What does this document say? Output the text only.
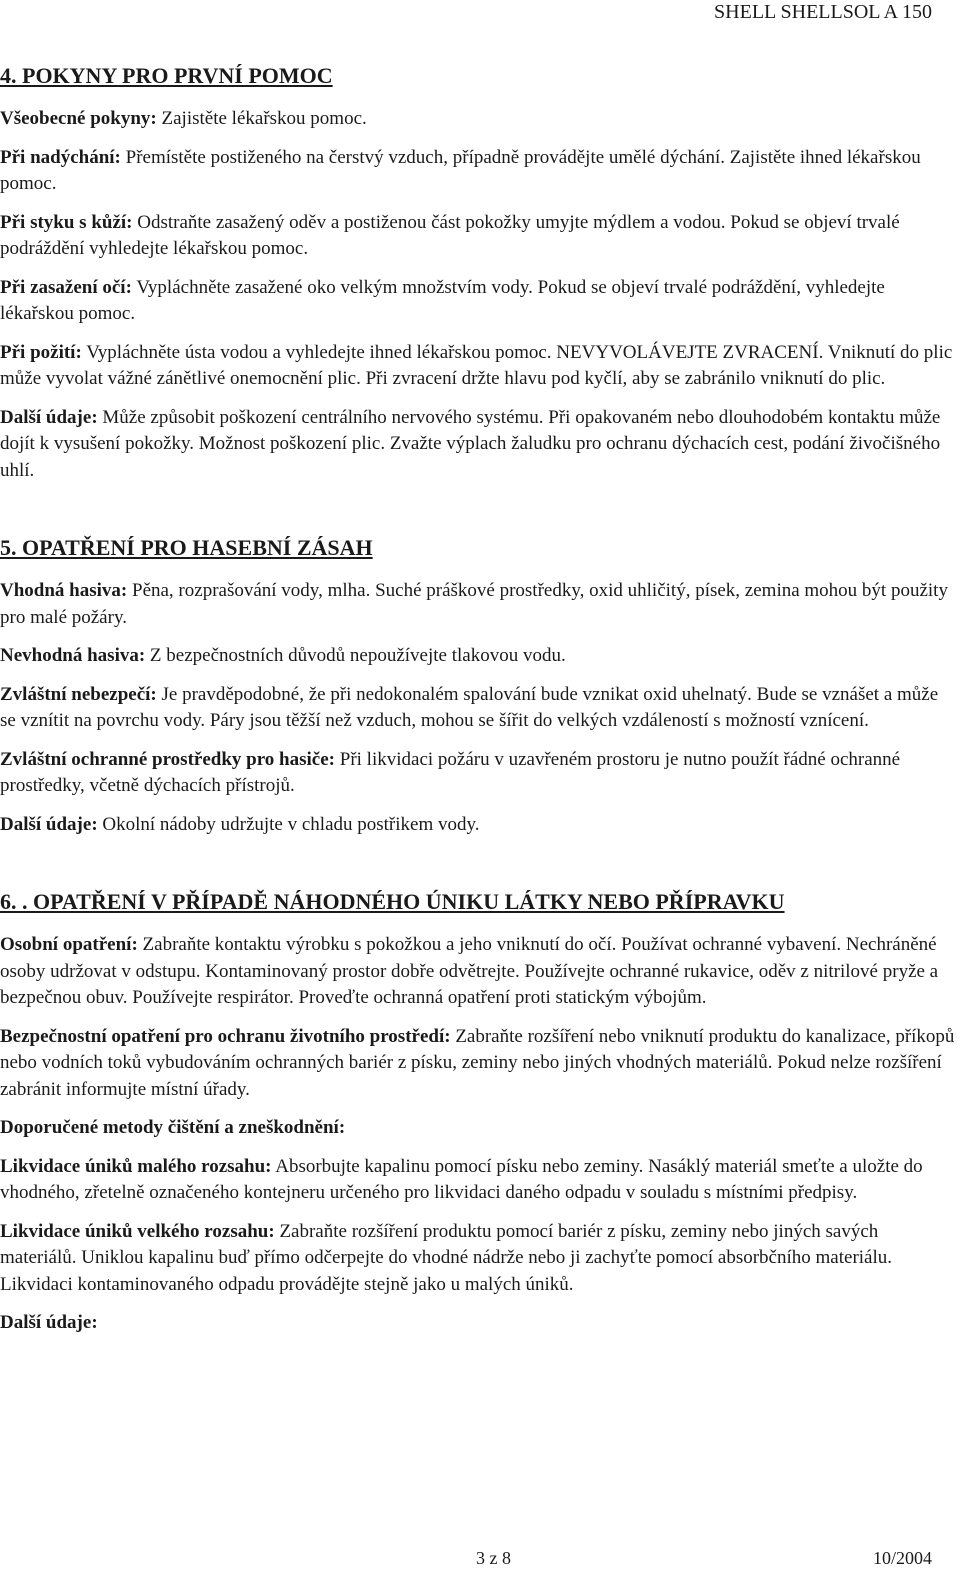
SHELL SHELLSOL A 150
4. POKYNY PRO PRVNÍ POMOC

Všeobecné pokyny: Zajistěte lékařskou pomoc.

Při nadýchání: Přemístěte postiženého na čerstvý vzduch, případně provádějte umělé dýchání. Zajistěte ihned lékařskou pomoc.

Při styku s kůží: Odstraňte zasažený oděv a postiženou část pokožky umyjte mýdlem a vodou. Pokud se objeví trvalé podráždění vyhledejte lékařskou pomoc.

Při zasažení očí: Vypláchněte zasažené oko velkým množstvím vody. Pokud se objeví trvalé podráždění, vyhledejte lékařskou pomoc.

Při požití: Vypláchněte ústa vodou a vyhledejte ihned lékařskou pomoc. NEVYVOLÁVEJTE ZVRACENÍ. Vniknutí do plic může vyvolat vážné zánětlivé onemocnění plic. Při zvracení držte hlavu pod kyčlí, aby se zabránilo vniknutí do plic.

Další údaje: Může způsobit poškození centrálního nervového systému. Při opakovaném nebo dlouhodobém kontaktu může dojít k vysušení pokožky. Možnost poškození plic. Zvažte výplach žaludku pro ochranu dýchacích cest, podání živočišného uhlí.

5. OPATŘENÍ PRO HASEBNÍ ZÁSAH

Vhodná hasiva: Pěna, rozprašování vody, mlha. Suché práškové prostředky, oxid uhličitý, písek, zemina mohou být použity pro malé požáry.

Nevhodná hasiva: Z bezpečnostních důvodů nepoužívejte tlakovou vodu.

Zvláštní nebezpečí: Je pravděpodobné, že při nedokonalém spalování bude vznikat oxid uhelnatý. Bude se vznášet a může se vznítit na povrchu vody. Páry jsou těžší než vzduch, mohou se šířit do velkých vzdáleností s možností vznícení.

Zvláštní ochranné prostředky pro hasiče: Při likvidaci požáru v uzavřeném prostoru je nutno použít řádné ochranné prostředky, včetně dýchacích přístrojů.

Další údaje: Okolní nádoby udržujte v chladu postřikem vody.

6. . OPATŘENÍ V PŘÍPADĚ NÁHODNÉHO ÚNIKU LÁTKY NEBO PŘÍPRAVKU

Osobní opatření: Zabraňte kontaktu výrobku s pokožkou a jeho vniknutí do očí. Používat ochranné vybavení. Nechráněné osoby udržovat v odstupu. Kontaminovaný prostor dobře odvětrejte. Používejte ochranné rukavice, oděv z nitrilové pryže a bezpečnou obuv. Používejte respirátor. Proveďte ochranná opatření proti statickým výbojům.

Bezpečnostní opatření pro ochranu životního prostředí: Zabraňte rozšíření nebo vniknutí produktu do kanalizace, příkopů nebo vodních toků vybudováním ochranných bariér z písku, zeminy nebo jiných vhodných materiálů. Pokud nelze rozšíření zabránit informujte místní úřady.

Doporučené metody čištění a zneškodnění:

Likvidace úniků malého rozsahu: Absorbujte kapalinu pomocí písku nebo zeminy. Nasáklý materiál smeťte a uložte do vhodného, zřetelně označeného kontejneru určeného pro likvidaci daného odpadu v souladu s místními předpisy.

Likvidace úniků velkého rozsahu: Zabraňte rozšíření produktu pomocí bariér z písku, zeminy nebo jiných savých materiálů. Uniklou kapalinu buď přímo odčerpejte do vhodné nádrže nebo ji zachyťte pomocí absorbčního materiálu. Likvidaci kontaminovaného odpadu provádějte stejně jako u malých úniků.

Další údaje:

3 z 8	10/2004
